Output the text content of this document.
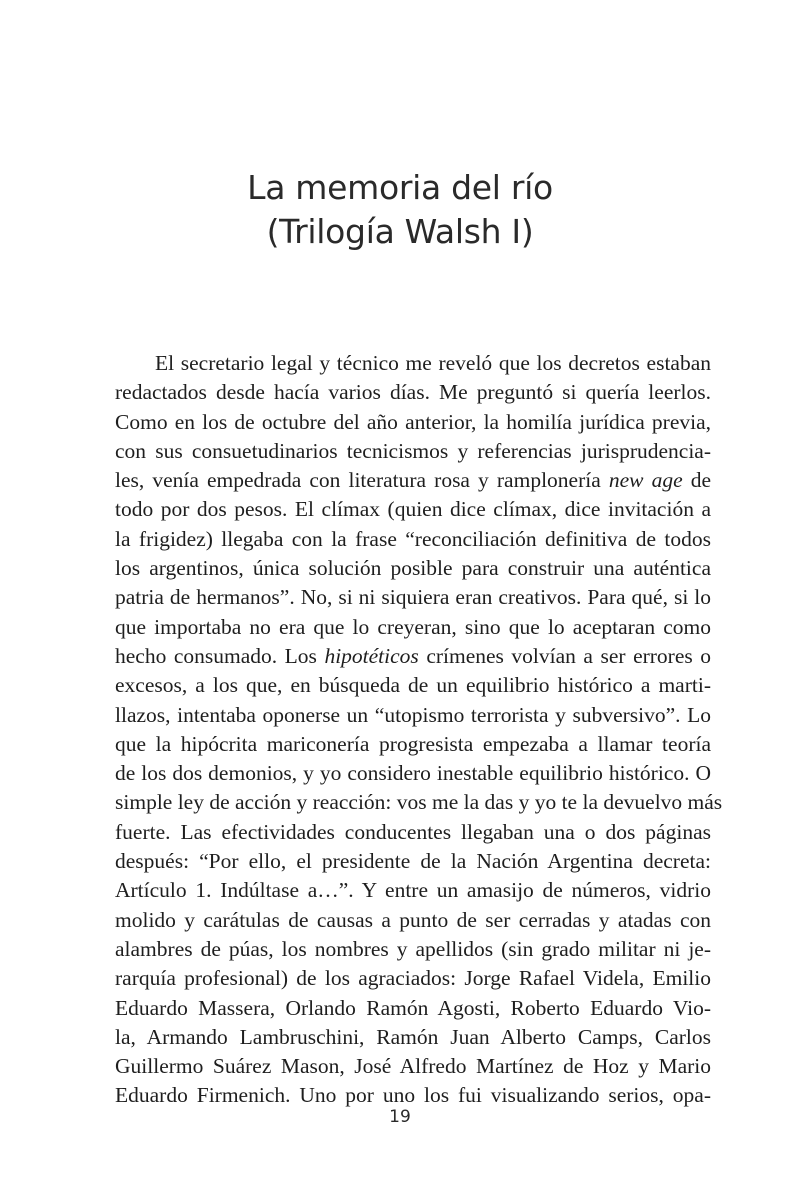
La memoria del río
(Trilogía Walsh I)
El secretario legal y técnico me reveló que los decretos estaban
redactados desde hacía varios días. Me preguntó si quería leerlos.
Como en los de octubre del año anterior, la homilía jurídica previa,
con sus consuetudinarios tecnicismos y referencias jurisprudencia-
les, venía empedrada con literatura rosa y ramplonería new age de
todo por dos pesos. El clímax (quien dice clímax, dice invitación a
la frigidez) llegaba con la frase “reconciliación definitiva de todos
los argentinos, única solución posible para construir una auténtica
patria de hermanos”. No, si ni siquiera eran creativos. Para qué, si lo
que importaba no era que lo creyeran, sino que lo aceptaran como
hecho consumado. Los hipotéticos crímenes volvían a ser errores o
excesos, a los que, en búsqueda de un equilibrio histórico a marti-
llazos, intentaba oponerse un “utopismo terrorista y subversivo”. Lo
que la hipócrita mariconería progresista empezaba a llamar teoría
de los dos demonios, y yo considero inestable equilibrio histórico. O
simple ley de acción y reacción: vos me la das y yo te la devuelvo más
fuerte. Las efectividades conducentes llegaban una o dos páginas
después: “Por ello, el presidente de la Nación Argentina decreta:
Artículo 1. Indúltase a…”. Y entre un amasijo de números, vidrio
molido y carátulas de causas a punto de ser cerradas y atadas con
alambres de púas, los nombres y apellidos (sin grado militar ni je-
rarquía profesional) de los agraciados: Jorge Rafael Videla, Emilio
Eduardo Massera, Orlando Ramón Agosti, Roberto Eduardo Vio-
la, Armando Lambruschini, Ramón Juan Alberto Camps, Carlos
Guillermo Suárez Mason, José Alfredo Martínez de Hoz y Mario
Eduardo Firmenich. Uno por uno los fui visualizando serios, opa-
19
